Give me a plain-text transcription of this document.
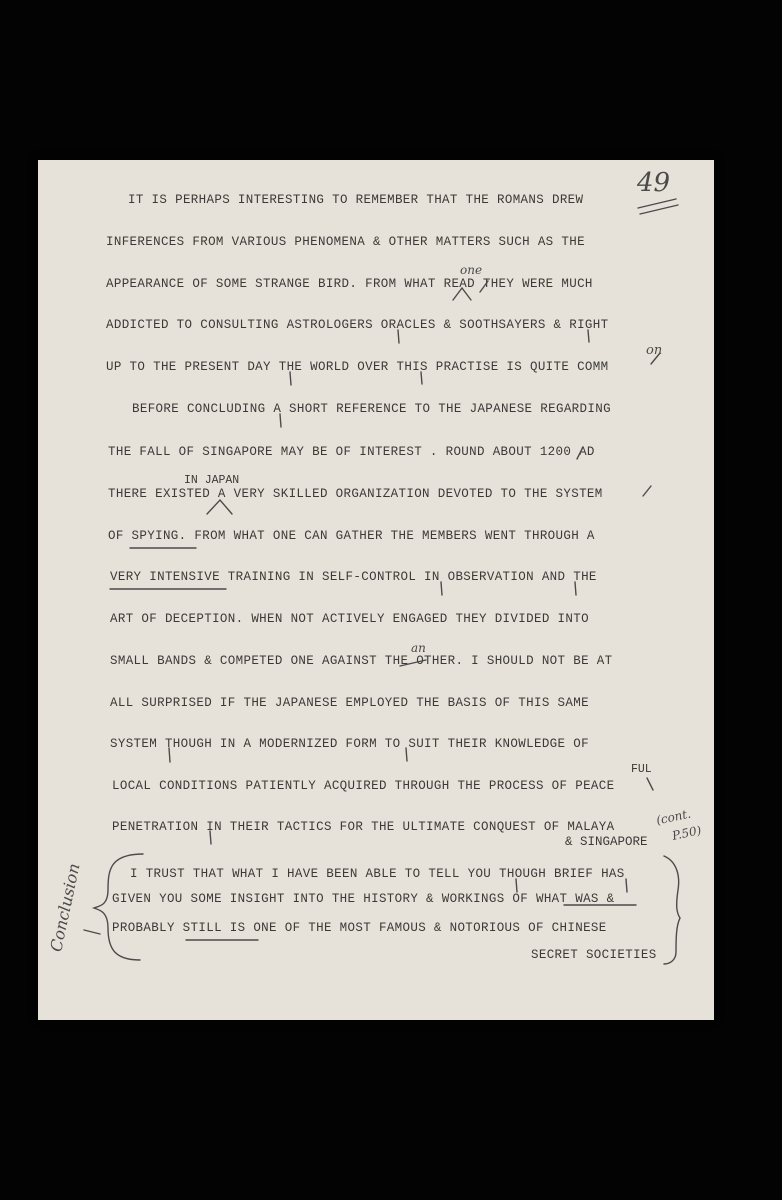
49
IT IS PERHAPS INTERESTING TO REMEMBER THAT THE ROMANS DREW
INFERENCES FROM VARIOUS PHENOMENA & OTHER MATTERS SUCH AS THE
APPEARANCE OF SOME STRANGE BIRD. FROM WHAT READ THEY WERE MUCH
ADDICTED TO CONSULTING ASTROLOGERS ORACLES & SOOTHSAYERS & RIGHT
UP TO THE PRESENT DAY THE WORLD OVER THIS PRACTISE IS QUITE COMM
BEFORE CONCLUDING A SHORT REFERENCE TO THE JAPANESE REGARDING
THE FALL OF SINGAPORE MAY BE OF INTEREST . ROUND ABOUT 1200 AD
THERE EXISTED A VERY SKILLED ORGANIZATION DEVOTED TO THE SYSTEM
OF SPYING. FROM WHAT ONE CAN GATHER THE MEMBERS WENT THROUGH A
VERY INTENSIVE TRAINING IN SELF-CONTROL IN OBSERVATION AND THE
ART OF DECEPTION. WHEN NOT ACTIVELY ENGAGED THEY DIVIDED INTO
SMALL BANDS & COMPETED ONE AGAINST THE OTHER. I SHOULD NOT BE AT
ALL SURPRISED IF THE JAPANESE EMPLOYED THE BASIS OF THIS SAME
SYSTEM THOUGH IN A MODERNIZED FORM TO SUIT THEIR KNOWLEDGE OF
LOCAL CONDITIONS PATIENTLY ACQUIRED THROUGH THE PROCESS OF PEACE
PENETRATION IN THEIR TACTICS FOR THE ULTIMATE CONQUEST OF MALAYA
I TRUST THAT WHAT I HAVE BEEN ABLE TO TELL YOU THOUGH BRIEF HAS
GIVEN YOU SOME INSIGHT INTO THE HISTORY & WORKINGS OF WHAT WAS &
PROBABLY STILL IS ONE OF THE MOST FAMOUS & NOTORIOUS OF CHINESE
SECRET SOCIETIES
IN JAPAN
FUL
& SINGAPORE
one
on
an
(cont.
P.50)
Conclusion
